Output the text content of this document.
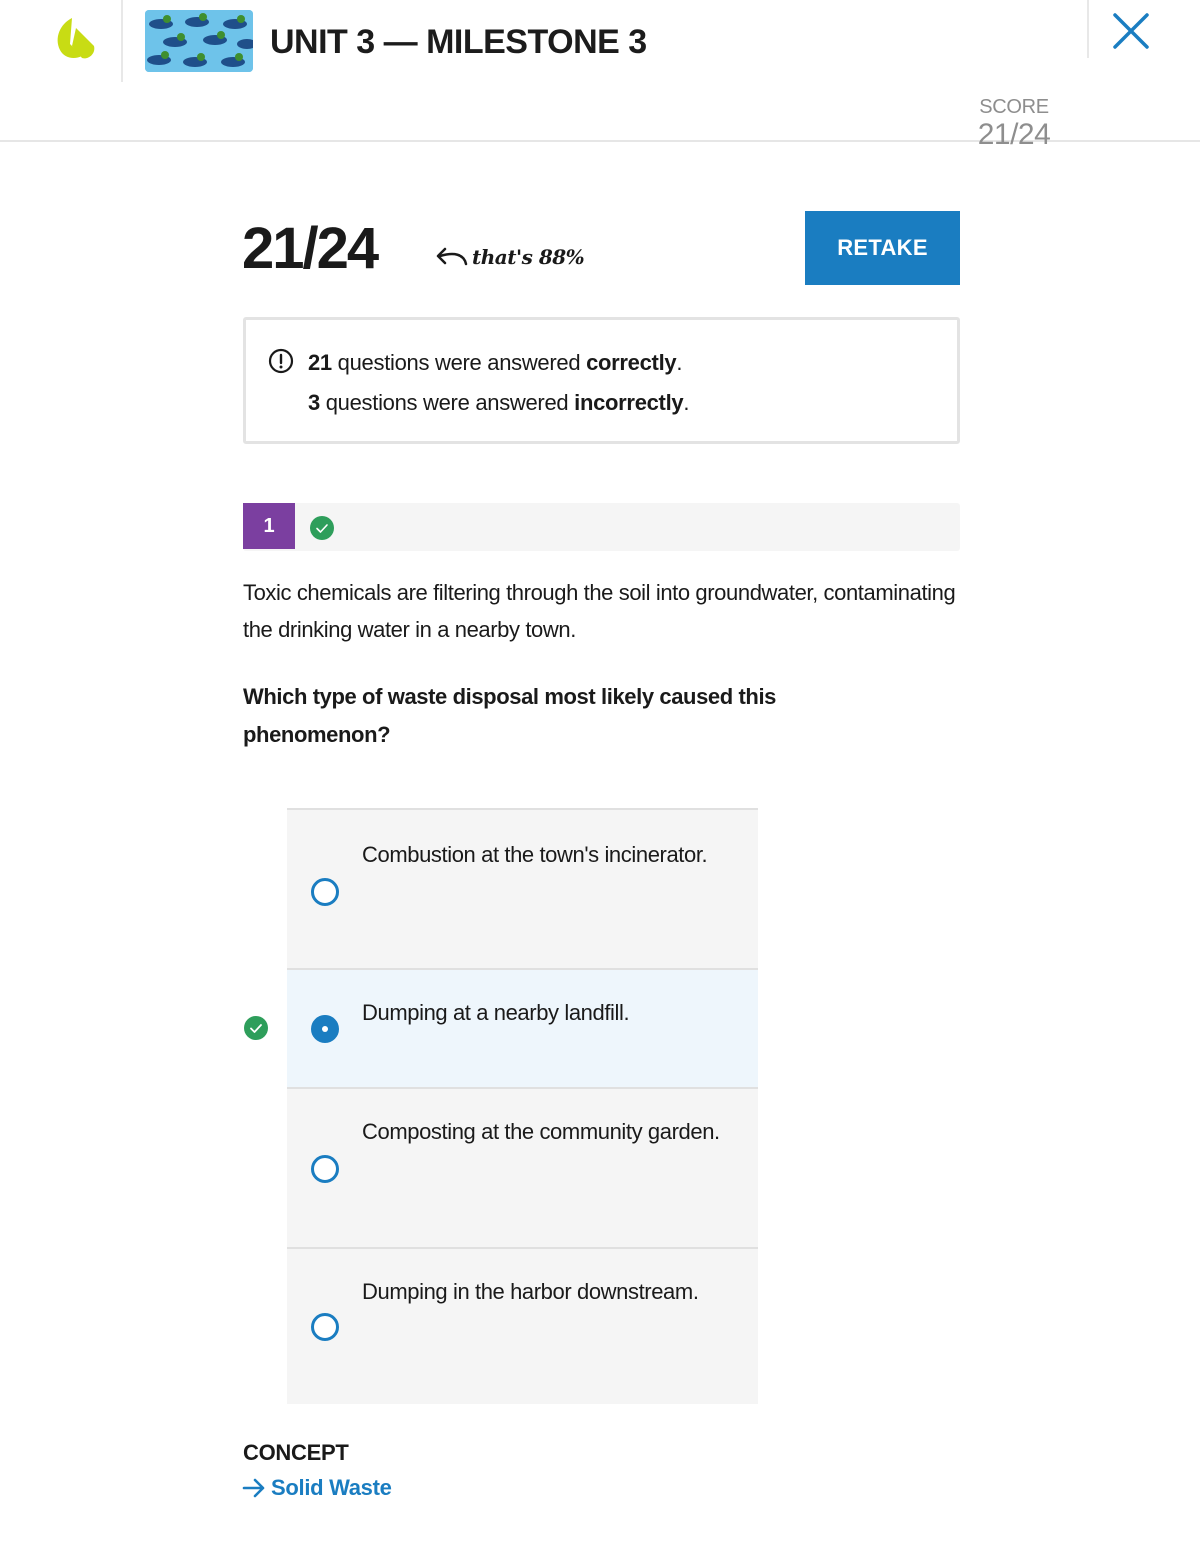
UNIT 3 — MILESTONE 3
SCORE
21/24
21/24	that's 88%	RETAKE
21 questions were answered correctly.
3 questions were answered incorrectly.
1
Toxic chemicals are filtering through the soil into groundwater, contaminating the drinking water in a nearby town.
Which type of waste disposal most likely caused this phenomenon?
Combustion at the town's incinerator.
Dumping at a nearby landfill.
Composting at the community garden.
Dumping in the harbor downstream.
CONCEPT
Solid Waste
